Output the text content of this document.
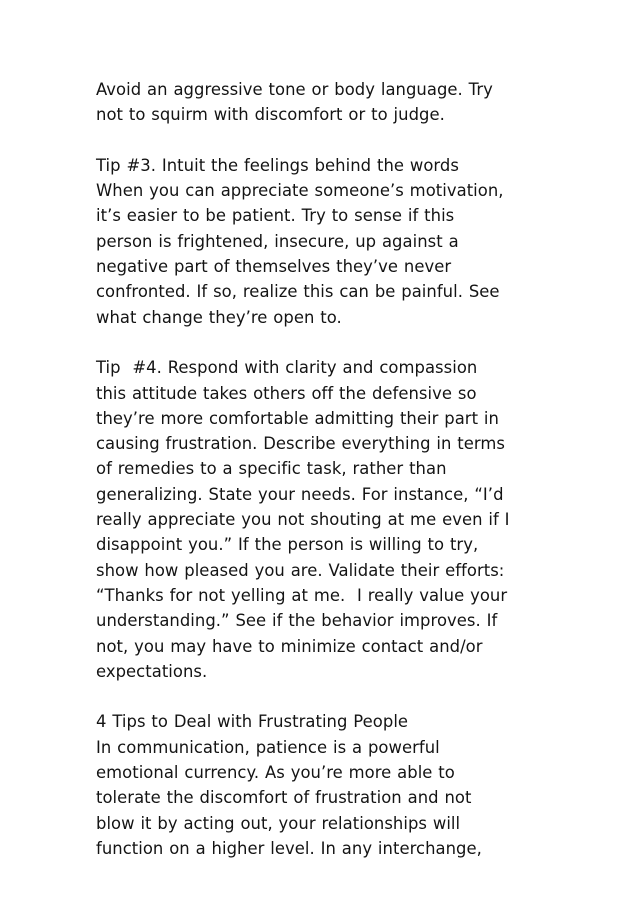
Avoid an aggressive tone or body language. Try
not to squirm with discomfort or to judge.
Tip #3. Intuit the feelings behind the words
When you can appreciate someone’s motivation,
it’s easier to be patient. Try to sense if this
person is frightened, insecure, up against a
negative part of themselves they’ve never
confronted. If so, realize this can be painful. See
what change they’re open to.
Tip  #4. Respond with clarity and compassion
this attitude takes others off the defensive so
they’re more comfortable admitting their part in
causing frustration. Describe everything in terms
of remedies to a specific task, rather than
generalizing. State your needs. For instance, “I’d
really appreciate you not shouting at me even if I
disappoint you.” If the person is willing to try,
show how pleased you are. Validate their efforts:
“Thanks for not yelling at me.  I really value your
understanding.” See if the behavior improves. If
not, you may have to minimize contact and/or
expectations.
4 Tips to Deal with Frustrating People
In communication, patience is a powerful
emotional currency. As you’re more able to
tolerate the discomfort of frustration and not
blow it by acting out, your relationships will
function on a higher level. In any interchange,
